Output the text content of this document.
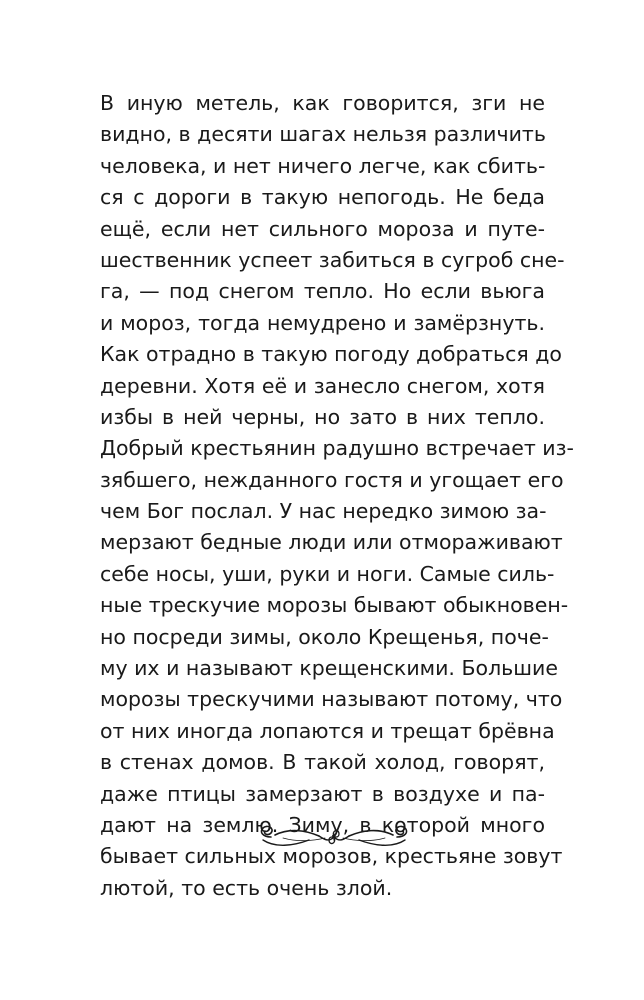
В иную метель, как говорится, зги не
видно, в десяти шагах нельзя различить
человека, и нет ничего легче, как сбить-
ся с дороги в такую непогодь. Не беда
ещё, если нет сильного мороза и путе-
шественник успеет забиться в сугроб сне-
га, — под снегом тепло. Но если вьюга
и мороз, тогда немудрено и замёрзнуть.
Как отрадно в такую погоду добраться до
деревни. Хотя её и занесло снегом, хотя
избы в ней черны, но зато в них тепло.
Добрый крестьянин радушно встречает из-
зябшего, нежданного гостя и угощает его
чем Бог послал. У нас нередко зимою за-
мерзают бедные люди или отмораживают
себе носы, уши, руки и ноги. Самые силь-
ные трескучие морозы бывают обыкновен-
но посреди зимы, около Крещенья, поче-
му их и называют крещенскими. Большие
морозы трескучими называют потому, что
от них иногда лопаются и трещат брёвна
в стенах домов. В такой холод, говорят,
даже птицы замерзают в воздухе и па-
дают на землю. Зиму, в которой много
бывает сильных морозов, крестьяне зовут
лютой, то есть очень злой.
